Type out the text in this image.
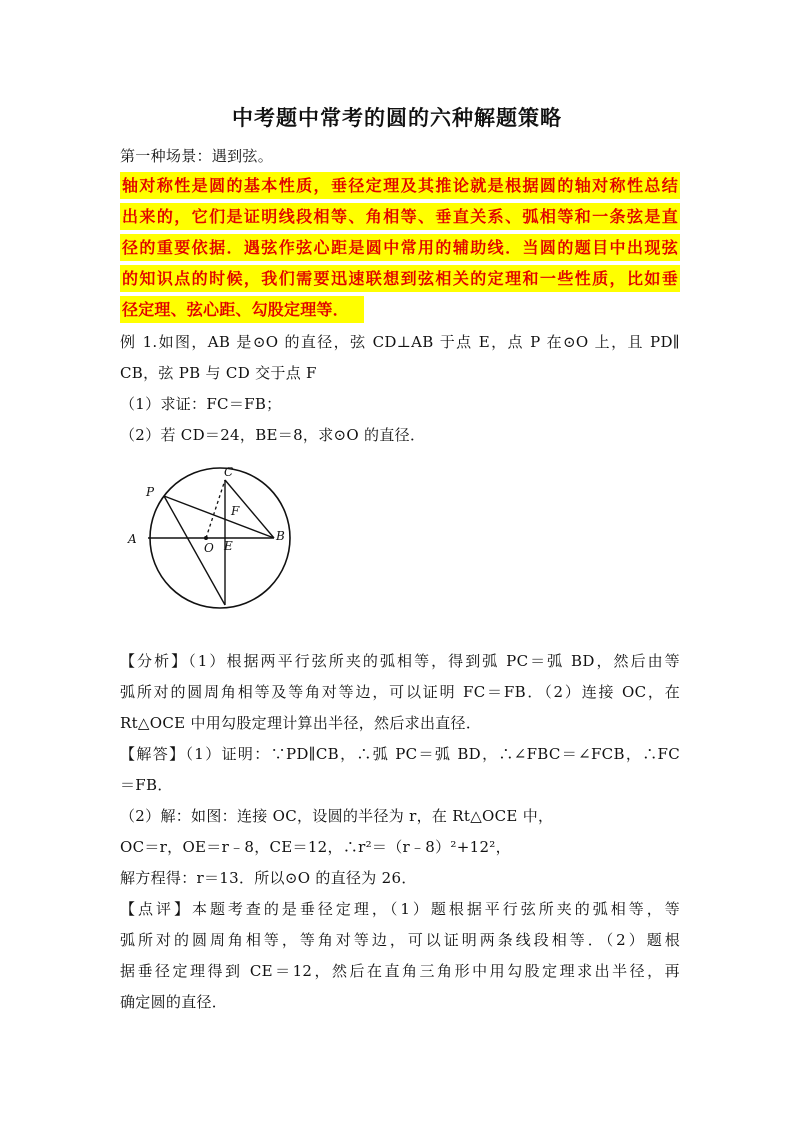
中考题中常考的圆的六种解题策略
第一种场景：遇到弦。
轴对称性是圆的基本性质，垂径定理及其推论就是根据圆的轴对称性总结
出来的，它们是证明线段相等、角相等、垂直关系、弧相等和一条弦是直
径的重要依据．遇弦作弦心距是圆中常用的辅助线．当圆的题目中出现弦
的知识点的时候，我们需要迅速联想到弦相关的定理和一些性质，比如垂
径定理、弦心距、勾股定理等．
例 1.如图，AB 是⊙O 的直径，弦 CD⊥AB 于点 E，点 P 在⊙O 上，且 PD∥
CB，弦 PB 与 CD 交于点 F
（1）求证：FC＝FB；
（2）若 CD＝24，BE＝8，求⊙O 的直径．
P
C
F
A
O E
B
【分析】（1）根据两平行弦所夹的弧相等，得到弧 PC＝弧 BD，然后由等
弧所对的圆周角相等及等角对等边，可以证明 FC＝FB．（2）连接 OC，在
Rt△OCE 中用勾股定理计算出半径，然后求出直径．
【解答】（1）证明：∵PD∥CB，∴弧 PC＝弧 BD，∴∠FBC＝∠FCB，∴FC
＝FB．
（2）解：如图：连接 OC，设圆的半径为 r，在 Rt△OCE 中，
OC＝r，OE＝r﹣8，CE＝12，∴r²＝（r﹣8）²+12²，
解方程得：r＝13．所以⊙O 的直径为 26．
【点评】本题考查的是垂径定理，（1）题根据平行弦所夹的弧相等，等
弧所对的圆周角相等，等角对等边，可以证明两条线段相等．（2）题根
据垂径定理得到 CE＝12，然后在直角三角形中用勾股定理求出半径，再
确定圆的直径．
